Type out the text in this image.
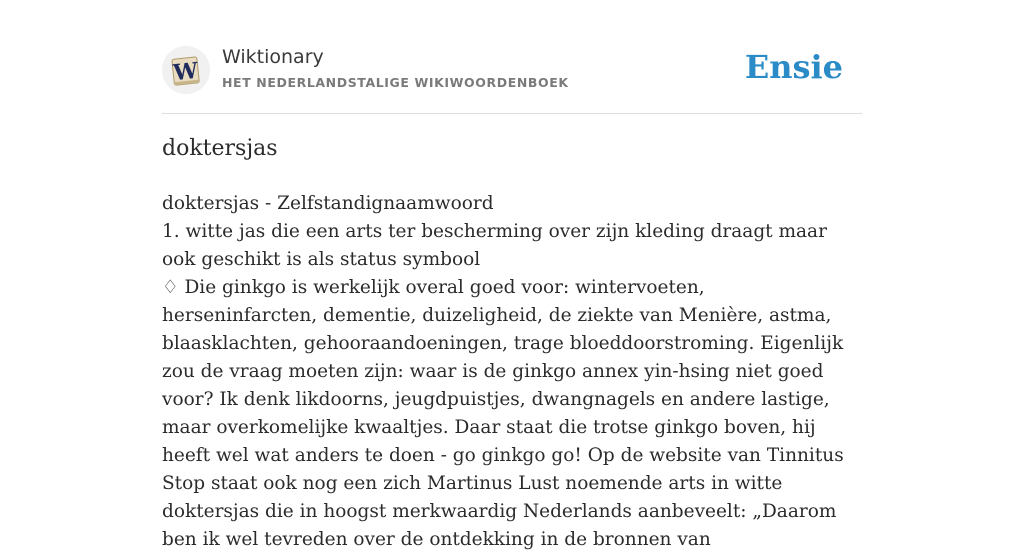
W
Wiktionary
HET NEDERLANDSTALIGE WIKIWOORDENBOEK	Ensie
doktersjas

doktersjas - Zelfstandignaamwoord

1. witte jas die een arts ter bescherming over zijn kleding draagt maar ook geschikt is als status symbool

♢ Die ginkgo is werkelijk overal goed voor: wintervoeten, herseninfarcten, dementie, duizeligheid, de ziekte van Menière, astma, blaasklachten, gehooraandoeningen, trage bloeddoorstroming. Eigenlijk zou de vraag moeten zijn: waar is de ginkgo annex yin-hsing niet goed voor? Ik denk likdoorns, jeugdpuistjes, dwangnagels en andere lastige, maar overkomelijke kwaaltjes. Daar staat die trotse ginkgo boven, hij heeft wel wat anders te doen - go ginkgo go! Op de website van Tinnitus Stop staat ook nog een zich Martinus Lust noemende arts in witte doktersjas die in hoogst merkwaardig Nederlands aanbeveelt: „Daarom ben ik wel tevreden over de ontdekking in de bronnen van
